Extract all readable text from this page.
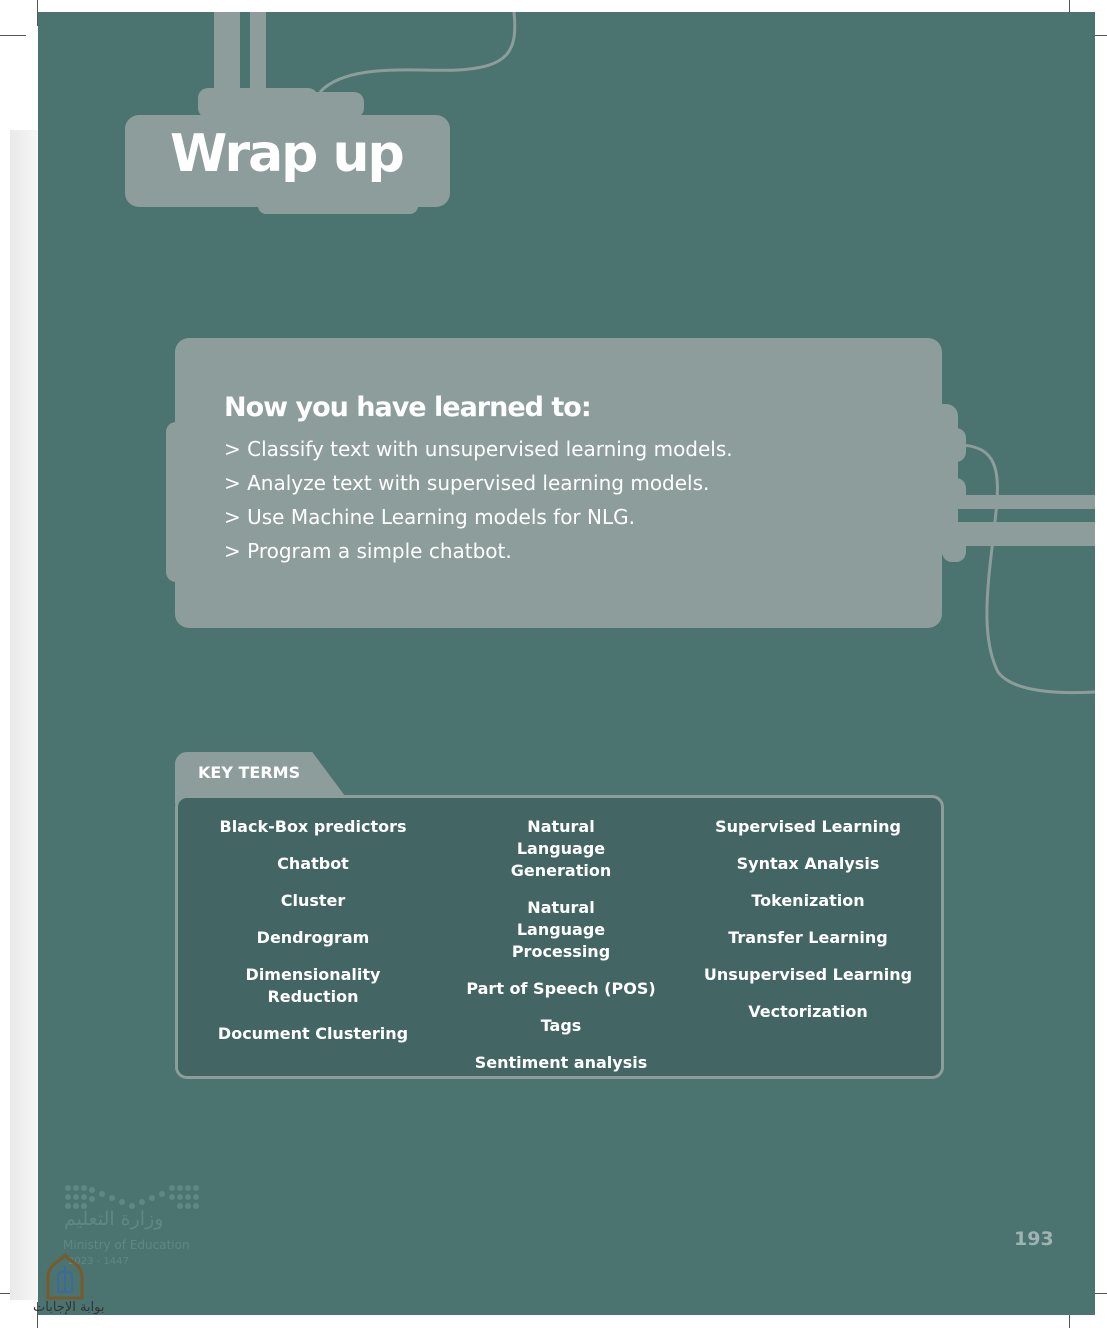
Wrap up
Now you have learned to:
> Classify text with unsupervised learning models.
> Analyze text with supervised learning models.
> Use Machine Learning models for NLG.
> Program a simple chatbot.
KEY TERMS
Black-Box predictors
Chatbot
Cluster
Dendrogram
Dimensionality Reduction
Document Clustering
Natural Language Generation
Natural Language Processing
Part of Speech (POS)
Tags
Sentiment analysis
Supervised Learning
Syntax Analysis
Tokenization
Transfer Learning
Unsupervised Learning
Vectorization
193
وزارة التعليم
Ministry of Education
2023 - 1447
بوابة الإجابات
